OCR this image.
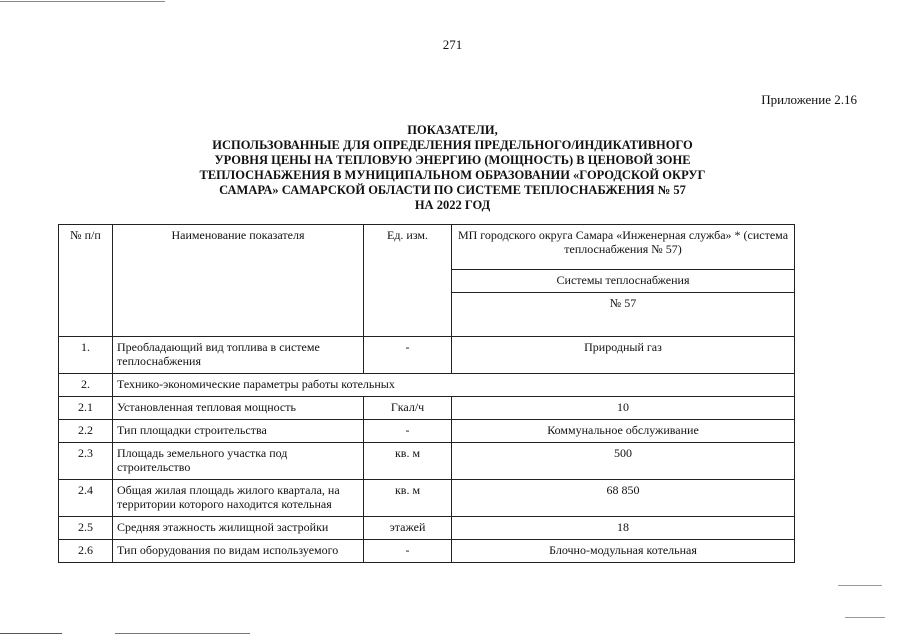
271
Приложение 2.16
ПОКАЗАТЕЛИ,
ИСПОЛЬЗОВАННЫЕ ДЛЯ ОПРЕДЕЛЕНИЯ ПРЕДЕЛЬНОГО/ИНДИКАТИВНОГО
УРОВНЯ ЦЕНЫ НА ТЕПЛОВУЮ ЭНЕРГИЮ (МОЩНОСТЬ) В ЦЕНОВОЙ ЗОНЕ
ТЕПЛОСНАБЖЕНИЯ В МУНИЦИПАЛЬНОМ ОБРАЗОВАНИИ «ГОРОДСКОЙ ОКРУГ
САМАРА» САМАРСКОЙ ОБЛАСТИ ПО СИСТЕМЕ ТЕПЛОСНАБЖЕНИЯ № 57
НА 2022 ГОД
№ п/п	Наименование показателя	Ед. изм.	МП городского округа Самара «Инженерная служба» * (система теплоснабжения № 57)
			Системы теплоснабжения
			№ 57
1.	Преобладающий вид топлива в системе теплоснабжения	-	Природный газ
2.	Технико-экономические параметры работы котельных		
2.1	Установленная тепловая мощность	Гкал/ч	10
2.2	Тип площадки строительства	-	Коммунальное обслуживание
2.3	Площадь земельного участка под строительство	кв. м	500
2.4	Общая жилая площадь жилого квартала, на территории которого находится котельная	кв. м	68 850
2.5	Средняя этажность жилищной застройки	этажей	18
2.6	Тип оборудования по видам используемого	-	Блочно-модульная котельная
